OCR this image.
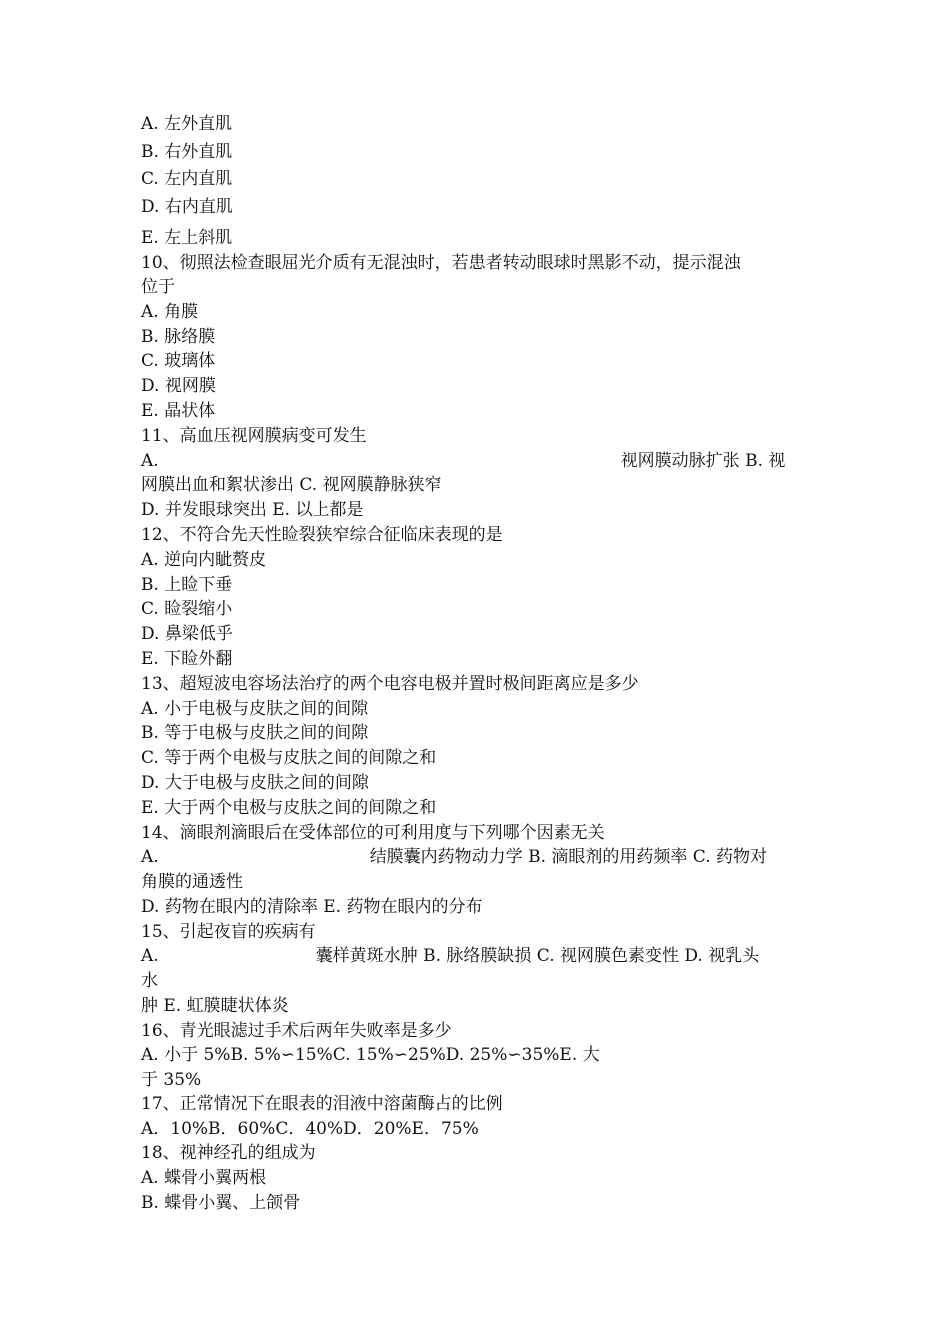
A. 左外直肌
B. 右外直肌
C. 左内直肌
D. 右内直肌
E. 左上斜肌
10、彻照法检查眼屈光介质有无混浊时，若患者转动眼球时黑影不动，提示混浊
位于
A. 角膜
B. 脉络膜
C. 玻璃体
D. 视网膜
E. 晶状体
11、高血压视网膜病变可发生
A.	视网膜动脉扩张 B. 视
网膜出血和絮状渗出 C. 视网膜静脉狭窄
D. 并发眼球突出 E. 以上都是
12、不符合先天性睑裂狭窄综合征临床表现的是
A. 逆向内眦赘皮
B. 上睑下垂
C. 睑裂缩小
D. 鼻梁低乎
E. 下睑外翻
13、超短波电容场法治疗的两个电容电极并置时极间距离应是多少
A. 小于电极与皮肤之间的间隙
B. 等于电极与皮肤之间的间隙
C. 等于两个电极与皮肤之间的间隙之和
D. 大于电极与皮肤之间的间隙
E. 大于两个电极与皮肤之间的间隙之和
14、滴眼剂滴眼后在受体部位的可利用度与下列哪个因素无关
A.	结膜囊内药物动力学 B. 滴眼剂的用药频率 C. 药物对
角膜的通透性
D. 药物在眼内的清除率 E. 药物在眼内的分布
15、引起夜盲的疾病有
A.	囊样黄斑水肿 B. 脉络膜缺损 C. 视网膜色素变性 D. 视乳头
水
肿 E. 虹膜睫状体炎
16、青光眼滤过手术后两年失败率是多少
A. 小于 5%B. 5%∽15%C. 15%∽25%D. 25%∽35%E. 大
于 35%
17、正常情况下在眼表的泪液中溶菌酶占的比例
A．10%B．60%C．40%D．20%E．75%
18、视神经孔的组成为
A. 蝶骨小翼两根
B. 蝶骨小翼、上颌骨
